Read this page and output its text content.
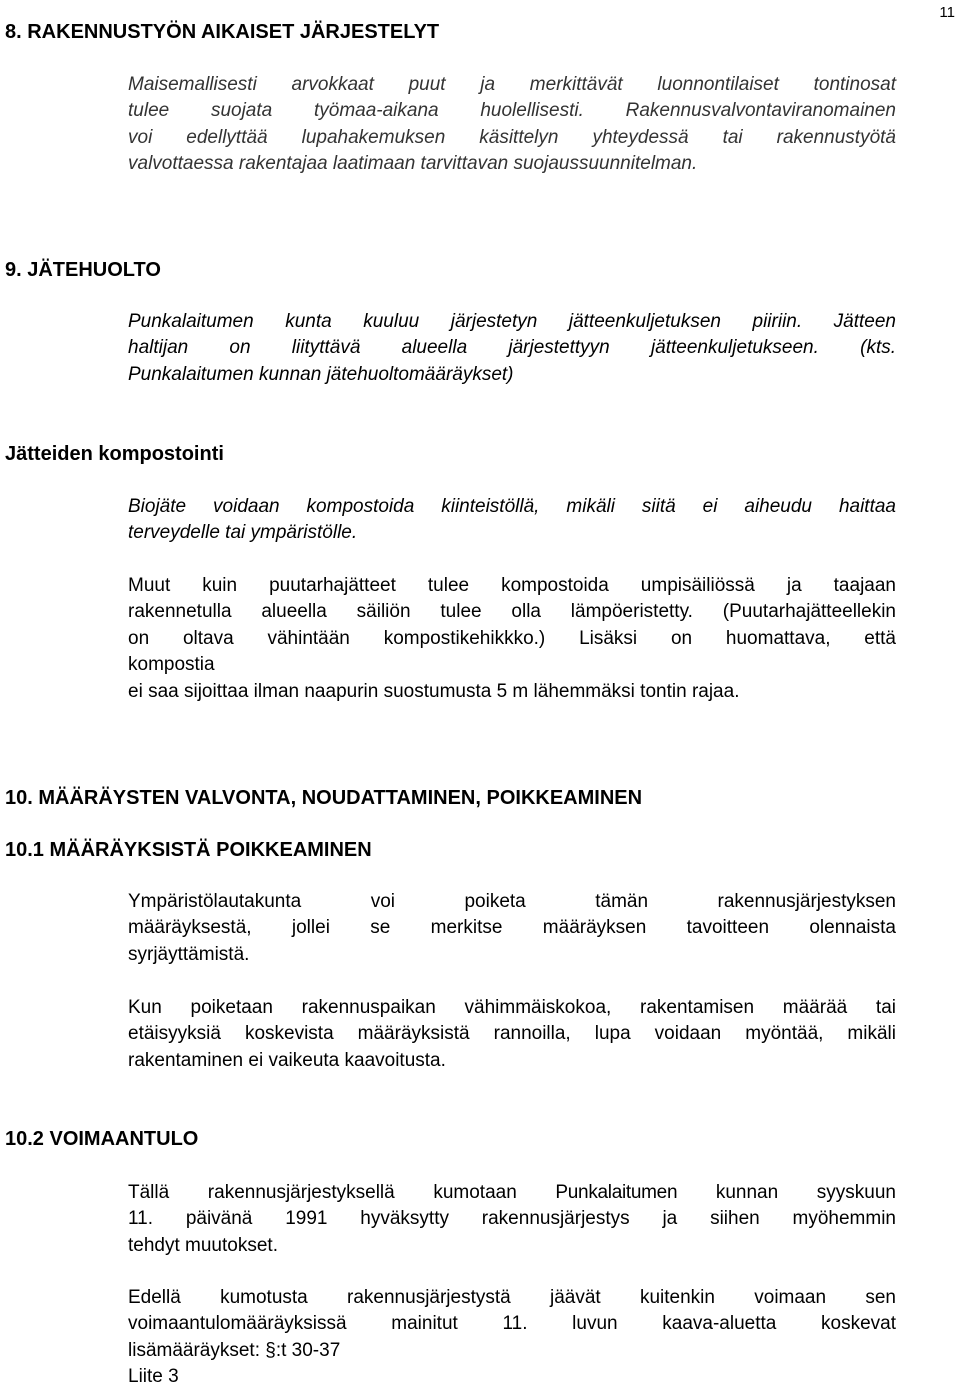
11
8. RAKENNUSTYÖN AIKAISET JÄRJESTELYT

Maisemallisesti arvokkaat puut ja merkittävät luonnontilaiset tontinosat
tulee suojata työmaa-aikana huolellisesti. Rakennusvalvontaviranomainen
voi edellyttää lupahakemuksen käsittelyn yhteydessä tai rakennustyötä
valvottaessa rakentajaa laatimaan tarvittavan suojaussuunnitelman.

9. JÄTEHUOLTO

Punkalaitumen kunta kuuluu järjestetyn jätteenkuljetuksen piiriin. Jätteen
haltijan on liityttävä alueella järjestettyyn jätteenkuljetukseen. (kts.
Punkalaitumen kunnan jätehuoltomääräykset)

Jätteiden kompostointi

Biojäte voidaan kompostoida kiinteistöllä, mikäli siitä ei aiheudu haittaa
terveydelle tai ympäristölle.

Muut kuin puutarhajätteet tulee kompostoida umpisäiliössä ja taajaan
rakennetulla alueella säiliön tulee olla lämpöeristetty. (Puutarhajätteellekin
on oltava vähintään kompostikehikkko.) Lisäksi on huomattava, että
kompostia
ei saa sijoittaa ilman naapurin suostumusta 5 m lähemmäksi tontin rajaa.

10. MÄÄRÄYSTEN VALVONTA, NOUDATTAMINEN, POIKKEAMINEN
10.1 MÄÄRÄYKSISTÄ POIKKEAMINEN

Ympäristölautakunta voi poiketa tämän rakennusjärjestyksen
määräyksestä, jollei se merkitse määräyksen tavoitteen olennaista
syrjäyttämistä.

Kun poiketaan rakennuspaikan vähimmäiskokoa, rakentamisen määrää tai
etäisyyksiä koskevista määräyksistä rannoilla, lupa voidaan myöntää, mikäli
rakentaminen ei vaikeuta kaavoitusta.

10.2 VOIMAANTULO

Tällä rakennusjärjestyksellä kumotaan Punkalaitumen kunnan syyskuun
11. päivänä 1991 hyväksytty rakennusjärjestys ja siihen myöhemmin
tehdyt muutokset.

Edellä kumotusta rakennusjärjestystä jäävät kuitenkin voimaan sen
voimaantulomääräyksissä mainitut 11. luvun kaava-aluetta koskevat
lisämääräykset: §:t 30-37
Liite 3
